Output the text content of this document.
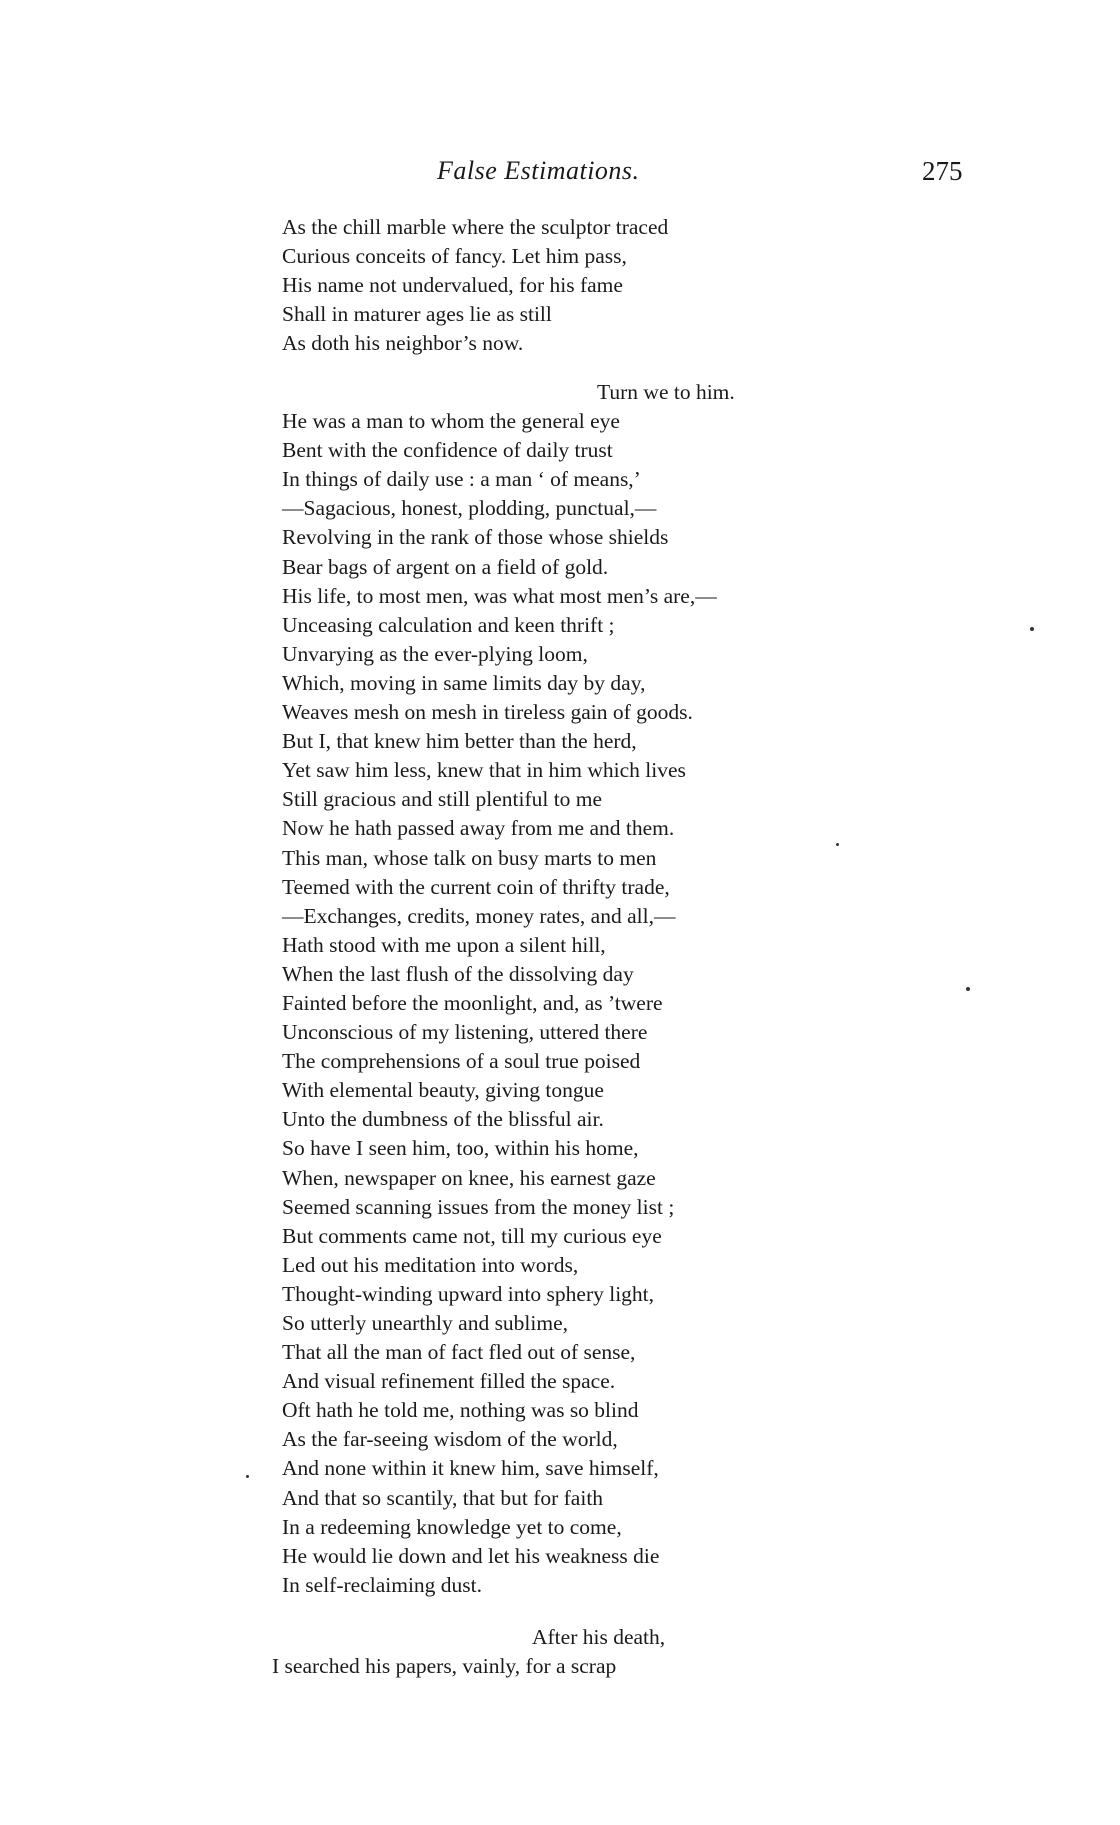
False Estimations.	275
As the chill marble where the sculptor traced
Curious conceits of fancy. Let him pass,
His name not undervalued, for his fame
Shall in maturer ages lie as still
As doth his neighbor’s now.
Turn we to him.
He was a man to whom the general eye
Bent with the confidence of daily trust
In things of daily use : a man ‘ of means,’
—Sagacious, honest, plodding, punctual,—
Revolving in the rank of those whose shields
Bear bags of argent on a field of gold.
His life, to most men, was what most men’s are,—
Unceasing calculation and keen thrift ;
Unvarying as the ever-plying loom,
Which, moving in same limits day by day,
Weaves mesh on mesh in tireless gain of goods.
But I, that knew him better than the herd,
Yet saw him less, knew that in him which lives
Still gracious and still plentiful to me
Now he hath passed away from me and them.
This man, whose talk on busy marts to men
Teemed with the current coin of thrifty trade,
—Exchanges, credits, money rates, and all,—
Hath stood with me upon a silent hill,
When the last flush of the dissolving day
Fainted before the moonlight, and, as ’twere
Unconscious of my listening, uttered there
The comprehensions of a soul true poised
With elemental beauty, giving tongue
Unto the dumbness of the blissful air.
So have I seen him, too, within his home,
When, newspaper on knee, his earnest gaze
Seemed scanning issues from the money list ;
But comments came not, till my curious eye
Led out his meditation into words,
Thought-winding upward into sphery light,
So utterly unearthly and sublime,
That all the man of fact fled out of sense,
And visual refinement filled the space.
Oft hath he told me, nothing was so blind
As the far-seeing wisdom of the world,
And none within it knew him, save himself,
And that so scantily, that but for faith
In a redeeming knowledge yet to come,
He would lie down and let his weakness die
In self-reclaiming dust.
After his death,
I searched his papers, vainly, for a scrap
